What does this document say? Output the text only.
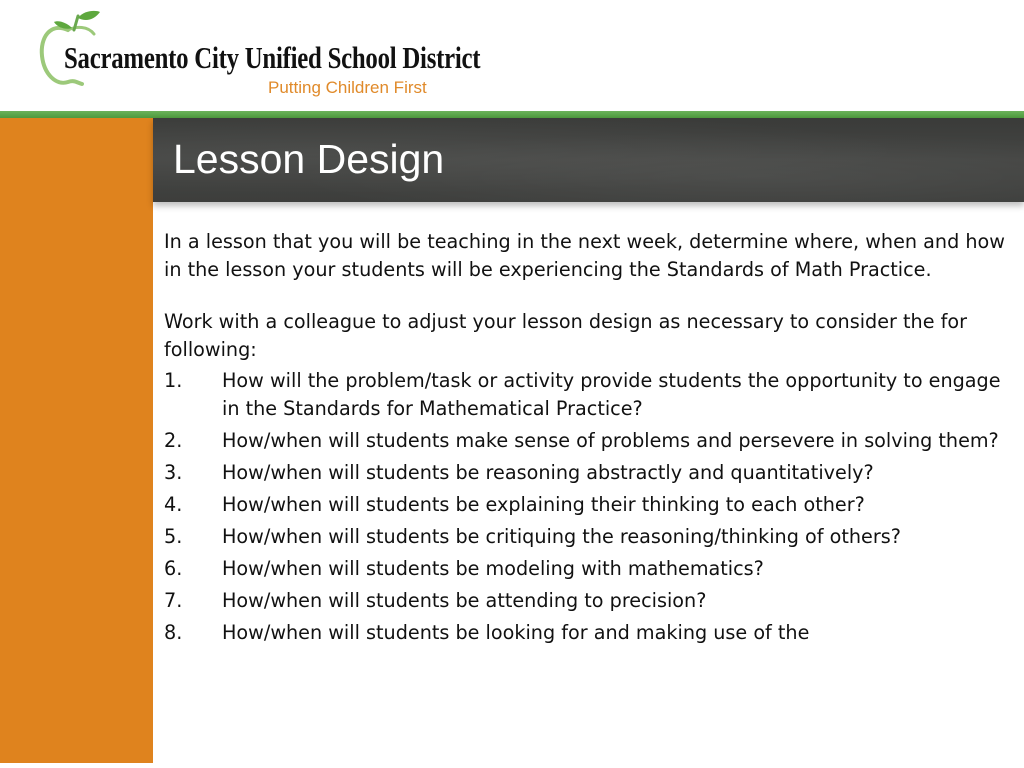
Sacramento City Unified School District
Putting Children First
Lesson Design

In a lesson that you will be teaching in the next week, determine where, when and how in the lesson your students will be experiencing the Standards of Math Practice.

Work with a colleague to adjust your lesson design as necessary to consider the for following:

1.	How will the problem/task or activity provide students the opportunity to engage in the Standards for Mathematical Practice?
2.	How/when will students make sense of problems and persevere in solving them?
3.	How/when will students be reasoning abstractly and quantitatively?
4.	How/when will students be explaining their thinking to each other?
5.	How/when will students be critiquing the reasoning/thinking of others?
6.	How/when will students be modeling with mathematics?
7.	How/when will students be attending to precision?
8.	How/when will students be looking for and making use of the
